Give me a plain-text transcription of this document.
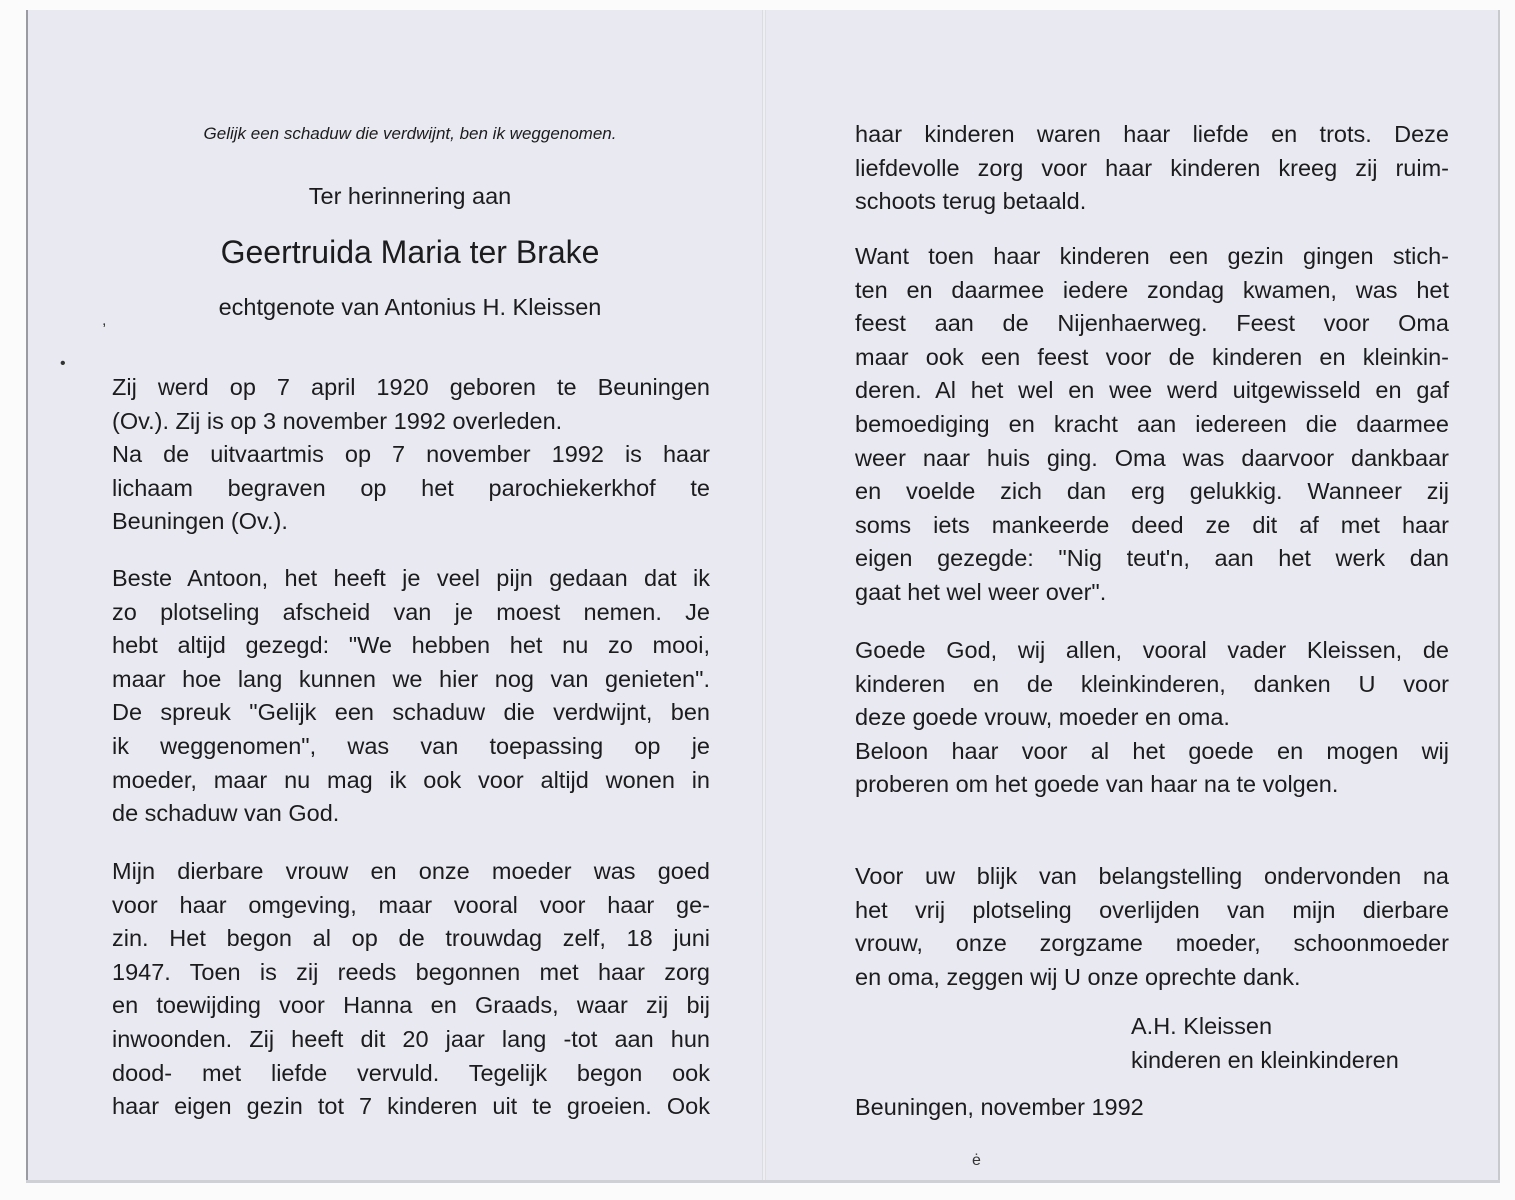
Gelijk een schaduw die verdwijnt, ben ik weggenomen.
Ter herinnering aan
Geertruida Maria ter Brake
echtgenote van Antonius H. Kleissen

Zij werd op 7 april 1920 geboren te Beuningen
(Ov.). Zij is op 3 november 1992 overleden.
Na de uitvaartmis op 7 november 1992 is haar
lichaam begraven op het parochiekerkhof te
Beuningen (Ov.).

Beste Antoon, het heeft je veel pijn gedaan dat ik
zo plotseling afscheid van je moest nemen. Je
hebt altijd gezegd: "We hebben het nu zo mooi,
maar hoe lang kunnen we hier nog van genieten".
De spreuk "Gelijk een schaduw die verdwijnt, ben
ik weggenomen", was van toepassing op je
moeder, maar nu mag ik ook voor altijd wonen in
de schaduw van God.

Mijn dierbare vrouw en onze moeder was goed
voor haar omgeving, maar vooral voor haar ge-
zin. Het begon al op de trouwdag zelf, 18 juni
1947. Toen is zij reeds begonnen met haar zorg
en toewijding voor Hanna en Graads, waar zij bij
inwoonden. Zij heeft dit 20 jaar lang -tot aan hun
dood- met liefde vervuld. Tegelijk begon ook
haar eigen gezin tot 7 kinderen uit te groeien. Ook

haar kinderen waren haar liefde en trots. Deze
liefdevolle zorg voor haar kinderen kreeg zij ruim-
schoots terug betaald.

Want toen haar kinderen een gezin gingen stich-
ten en daarmee iedere zondag kwamen, was het
feest aan de Nijenhaerweg. Feest voor Oma
maar ook een feest voor de kinderen en kleinkin-
deren. Al het wel en wee werd uitgewisseld en gaf
bemoediging en kracht aan iedereen die daarmee
weer naar huis ging. Oma was daarvoor dankbaar
en voelde zich dan erg gelukkig. Wanneer zij
soms iets mankeerde deed ze dit af met haar
eigen gezegde: "Nig teut'n, aan het werk dan
gaat het wel weer over".

Goede God, wij allen, vooral vader Kleissen, de
kinderen en de kleinkinderen, danken U voor
deze goede vrouw, moeder en oma.
Beloon haar voor al het goede en mogen wij
proberen om het goede van haar na te volgen.

Voor uw blijk van belangstelling ondervonden na
het vrij plotseling overlijden van mijn dierbare
vrouw, onze zorgzame moeder, schoonmoeder
en oma, zeggen wij U onze oprechte dank.

A.H. Kleissen
kinderen en kleinkinderen
Beuningen, november 1992
,
•
ė
